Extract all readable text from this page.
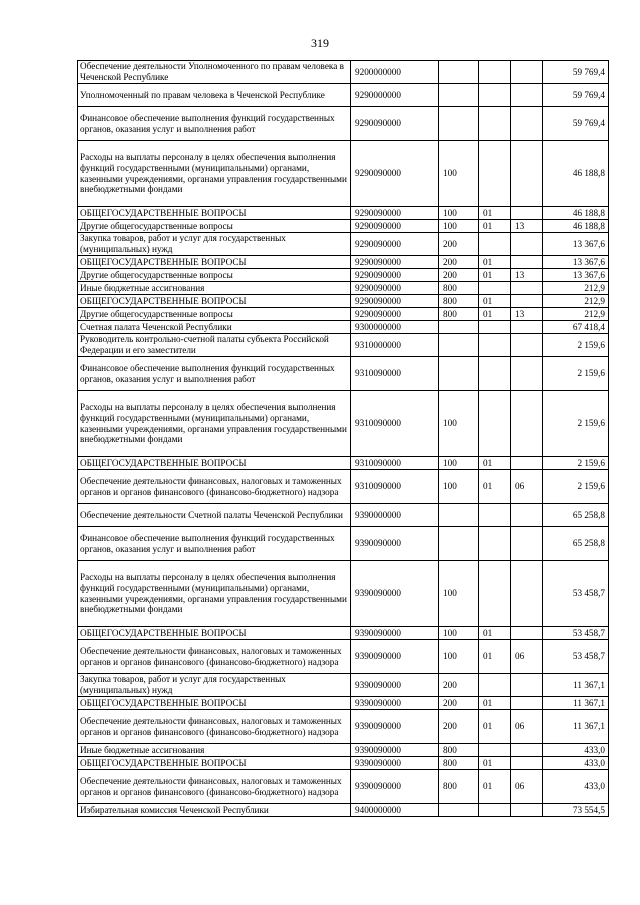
319
Обеспечение деятельности Уполномоченного по правам человека в Чеченской Республике	9200000000				59 769,4
Уполномоченный по правам человека в Чеченской Республике	9290000000				59 769,4
Финансовое обеспечение выполнения функций государственных органов, оказания услуг и выполнения работ	9290090000				59 769,4
Расходы на выплаты персоналу в целях обеспечения выполнения функций государственными (муниципальными) органами, казенными учреждениями, органами управления государственными внебюджетными фондами	9290090000	100			46 188,8
ОБЩЕГОСУДАРСТВЕННЫЕ ВОПРОСЫ	9290090000	100	01		46 188,8
Другие общегосударственные вопросы	9290090000	100	01	13	46 188,8
Закупка товаров, работ и услуг для государственных (муниципальных) нужд	9290090000	200			13 367,6
ОБЩЕГОСУДАРСТВЕННЫЕ ВОПРОСЫ	9290090000	200	01		13 367,6
Другие общегосударственные вопросы	9290090000	200	01	13	13 367,6
Иные бюджетные ассигнования	9290090000	800			212,9
ОБЩЕГОСУДАРСТВЕННЫЕ ВОПРОСЫ	9290090000	800	01		212,9
Другие общегосударственные вопросы	9290090000	800	01	13	212,9
Счетная палата Чеченской Республики	9300000000				67 418,4
Руководитель контрольно-счетной палаты субъекта Российской Федерации и его заместители	9310000000				2 159,6
Финансовое обеспечение выполнения функций государственных органов, оказания услуг и выполнения работ	9310090000				2 159,6
Расходы на выплаты персоналу в целях обеспечения выполнения функций государственными (муниципальными) органами, казенными учреждениями, органами управления государственными внебюджетными фондами	9310090000	100			2 159,6
ОБЩЕГОСУДАРСТВЕННЫЕ ВОПРОСЫ	9310090000	100	01		2 159,6
Обеспечение деятельности финансовых, налоговых и таможенных органов и органов финансового (финансово-бюджетного) надзора	9310090000	100	01	06	2 159,6
Обеспечение деятельности Счетной палаты Чеченской Республики	9390000000				65 258,8
Финансовое обеспечение выполнения функций государственных органов, оказания услуг и выполнения работ	9390090000				65 258,8
Расходы на выплаты персоналу в целях обеспечения выполнения функций государственными (муниципальными) органами, казенными учреждениями, органами управления государственными внебюджетными фондами	9390090000	100			53 458,7
ОБЩЕГОСУДАРСТВЕННЫЕ ВОПРОСЫ	9390090000	100	01		53 458,7
Обеспечение деятельности финансовых, налоговых и таможенных органов и органов финансового (финансово-бюджетного) надзора	9390090000	100	01	06	53 458,7
Закупка товаров, работ и услуг для государственных (муниципальных) нужд	9390090000	200			11 367,1
ОБЩЕГОСУДАРСТВЕННЫЕ ВОПРОСЫ	9390090000	200	01		11 367,1
Обеспечение деятельности финансовых, налоговых и таможенных органов и органов финансового (финансово-бюджетного) надзора	9390090000	200	01	06	11 367,1
Иные бюджетные ассигнования	9390090000	800			433,0
ОБЩЕГОСУДАРСТВЕННЫЕ ВОПРОСЫ	9390090000	800	01		433,0
Обеспечение деятельности финансовых, налоговых и таможенных органов и органов финансового (финансово-бюджетного) надзора	9390090000	800	01	06	433,0
Избирательная комиссия Чеченской Республики	9400000000				73 554,5
